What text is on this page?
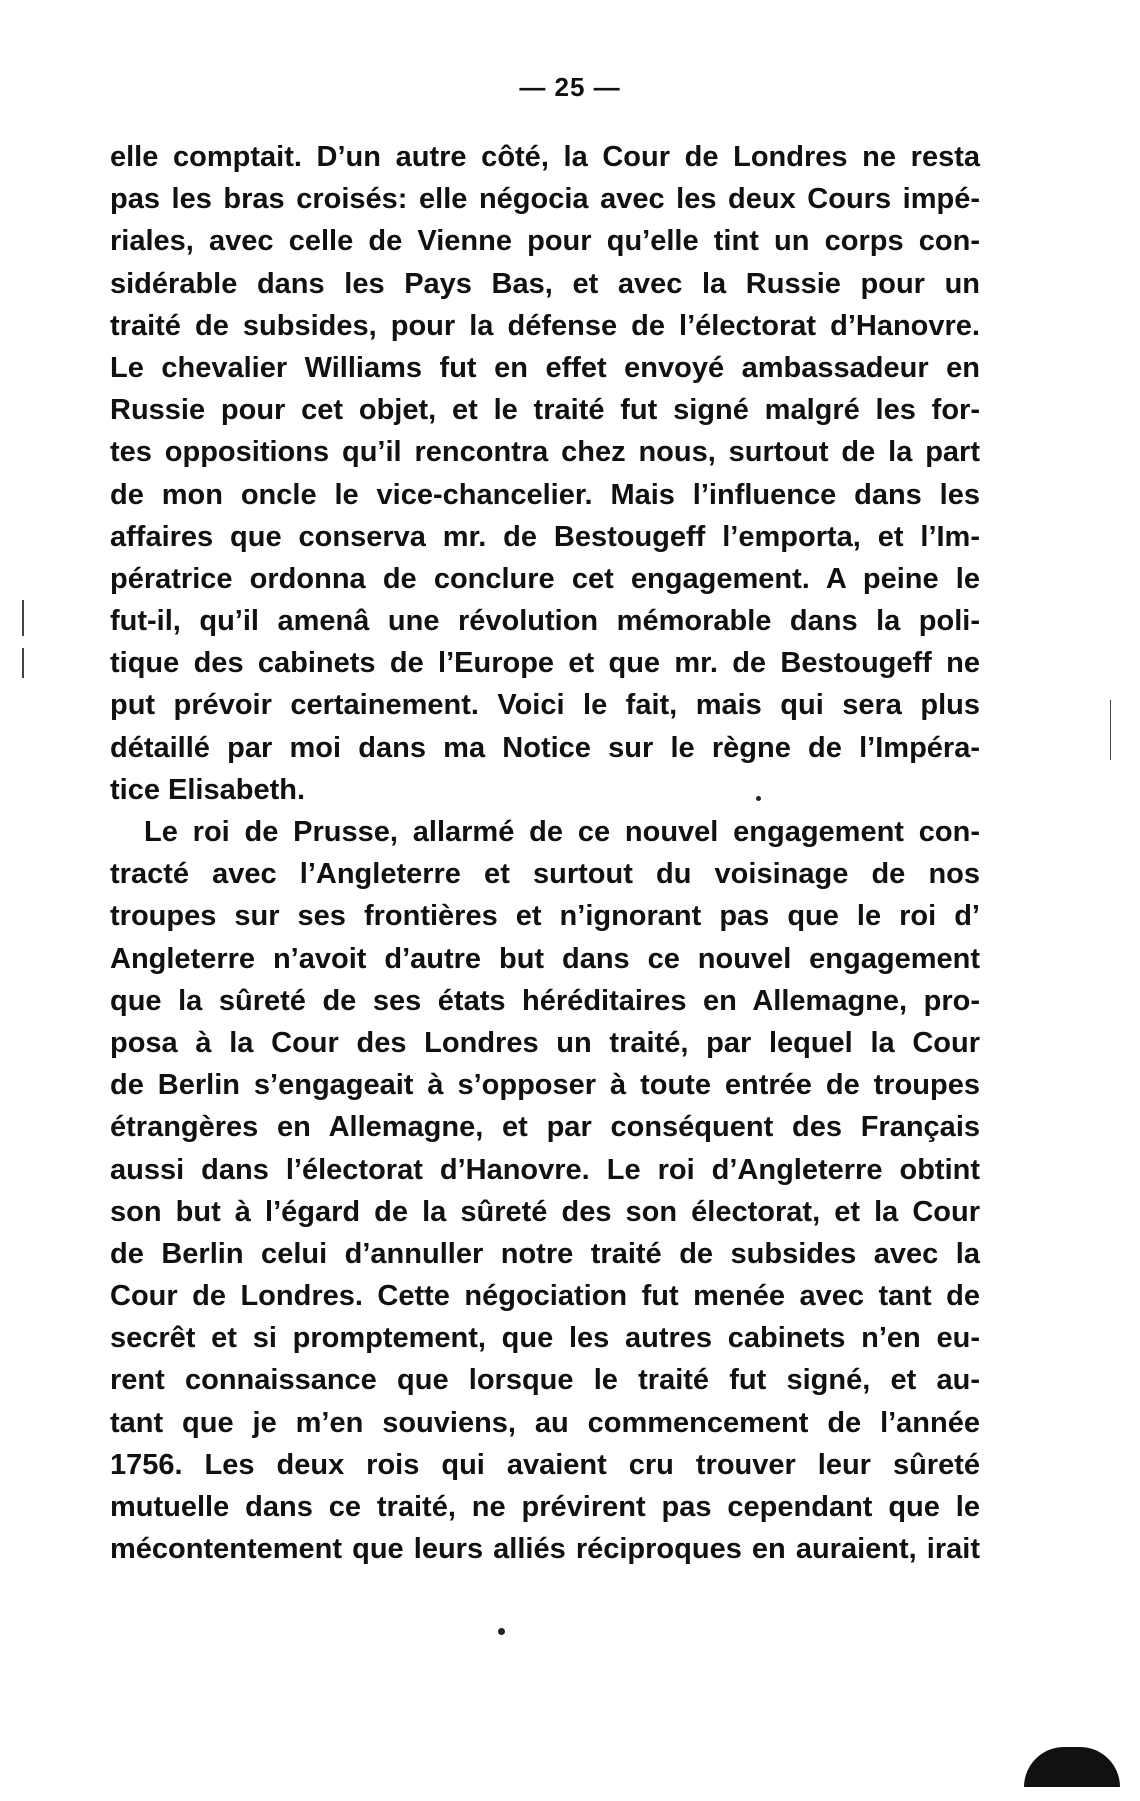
— 25 —
elle comptait. D’un autre côté, la Cour de Londres ne resta
pas les bras croisés: elle négocia avec les deux Cours impé-
riales, avec celle de Vienne pour qu’elle tint un corps con-
sidérable dans les Pays Bas, et avec la Russie pour un
traité de subsides, pour la défense de l’électorat d’Hanovre.
Le chevalier Williams fut en effet envoyé ambassadeur en
Russie pour cet objet, et le traité fut signé malgré les for-
tes oppositions qu’il rencontra chez nous, surtout de la part
de mon oncle le vice-chancelier. Mais l’influence dans les
affaires que conserva mr. de Bestougeff l’emporta, et l’Im-
pératrice ordonna de conclure cet engagement. A peine le
fut-il, qu’il amenâ une révolution mémorable dans la poli-
tique des cabinets de l’Europe et que mr. de Bestougeff ne
put prévoir certainement. Voici le fait, mais qui sera plus
détaillé par moi dans ma Notice sur le règne de l’Impéra-
tice Elisabeth.
Le roi de Prusse, allarmé de ce nouvel engagement con-
tracté avec l’Angleterre et surtout du voisinage de nos
troupes sur ses frontières et n’ignorant pas que le roi d’
Angleterre n’avoit d’autre but dans ce nouvel engagement
que la sûreté de ses états héréditaires en Allemagne, pro-
posa à la Cour des Londres un traité, par lequel la Cour
de Berlin s’engageait à s’opposer à toute entrée de troupes
étrangères en Allemagne, et par conséquent des Français
aussi dans l’électorat d’Hanovre. Le roi d’Angleterre obtint
son but à l’égard de la sûreté des son électorat, et la Cour
de Berlin celui d’annuller notre traité de subsides avec la
Cour de Londres. Cette négociation fut menée avec tant de
secrêt et si promptement, que les autres cabinets n’en eu-
rent connaissance que lorsque le traité fut signé, et au-
tant que je m’en souviens, au commencement de l’année
1756. Les deux rois qui avaient cru trouver leur sûreté
mutuelle dans ce traité, ne prévirent pas cependant que le
mécontentement que leurs alliés réciproques en auraient, irait
